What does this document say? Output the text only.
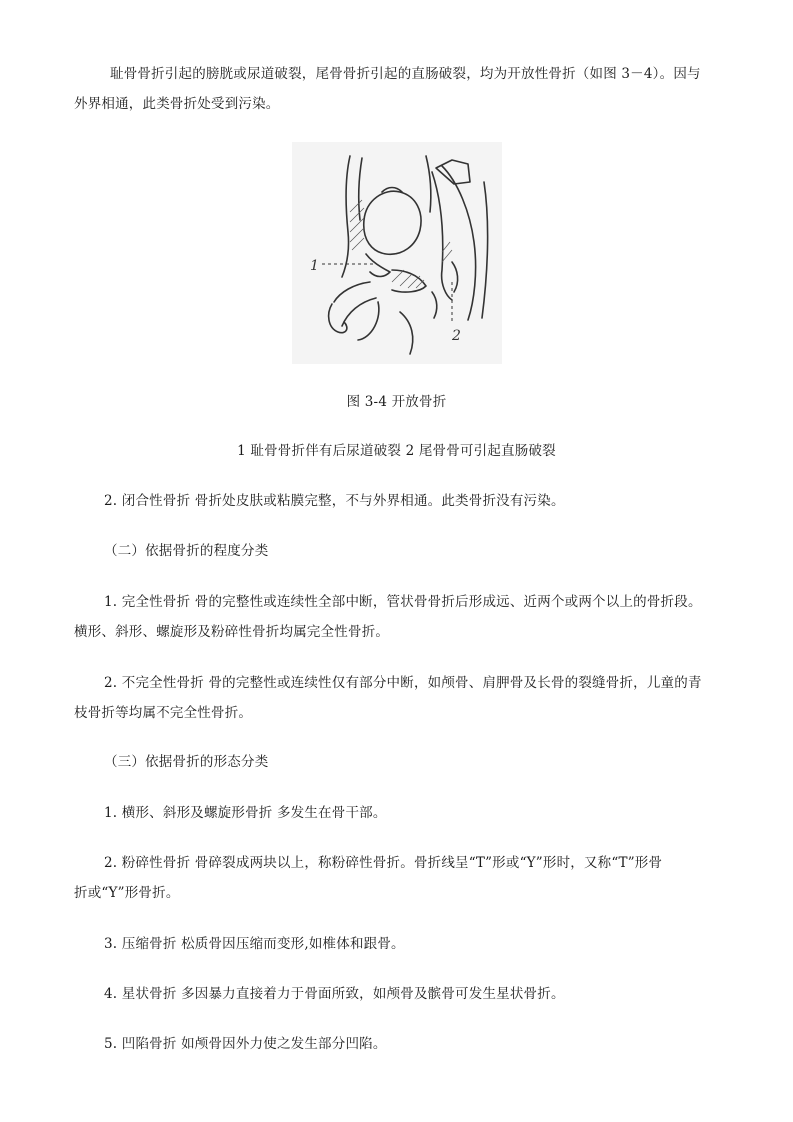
耻骨骨折引起的膀胱或尿道破裂，尾骨骨折引起的直肠破裂，均为开放性骨折（如图 3－4）。因与
外界相通，此类骨折处受到污染。
1
2
图 3-4 开放骨折
1 耻骨骨折伴有后尿道破裂 2 尾骨骨可引起直肠破裂
2. 闭合性骨折 骨折处皮肤或粘膜完整，不与外界相通。此类骨折没有污染。
（二）依据骨折的程度分类
1. 完全性骨折 骨的完整性或连续性全部中断，管状骨骨折后形成远、近两个或两个以上的骨折段。
横形、斜形、螺旋形及粉碎性骨折均属完全性骨折。
2. 不完全性骨折 骨的完整性或连续性仅有部分中断，如颅骨、肩胛骨及长骨的裂缝骨折，儿童的青
枝骨折等均属不完全性骨折。
（三）依据骨折的形态分类
1. 横形、斜形及螺旋形骨折 多发生在骨干部。
2. 粉碎性骨折 骨碎裂成两块以上，称粉碎性骨折。骨折线呈“T”形或“Y”形时，又称“T”形骨
折或“Y”形骨折。
3. 压缩骨折 松质骨因压缩而变形,如椎体和跟骨。
4. 星状骨折 多因暴力直接着力于骨面所致，如颅骨及髌骨可发生星状骨折。
5. 凹陷骨折 如颅骨因外力使之发生部分凹陷。
